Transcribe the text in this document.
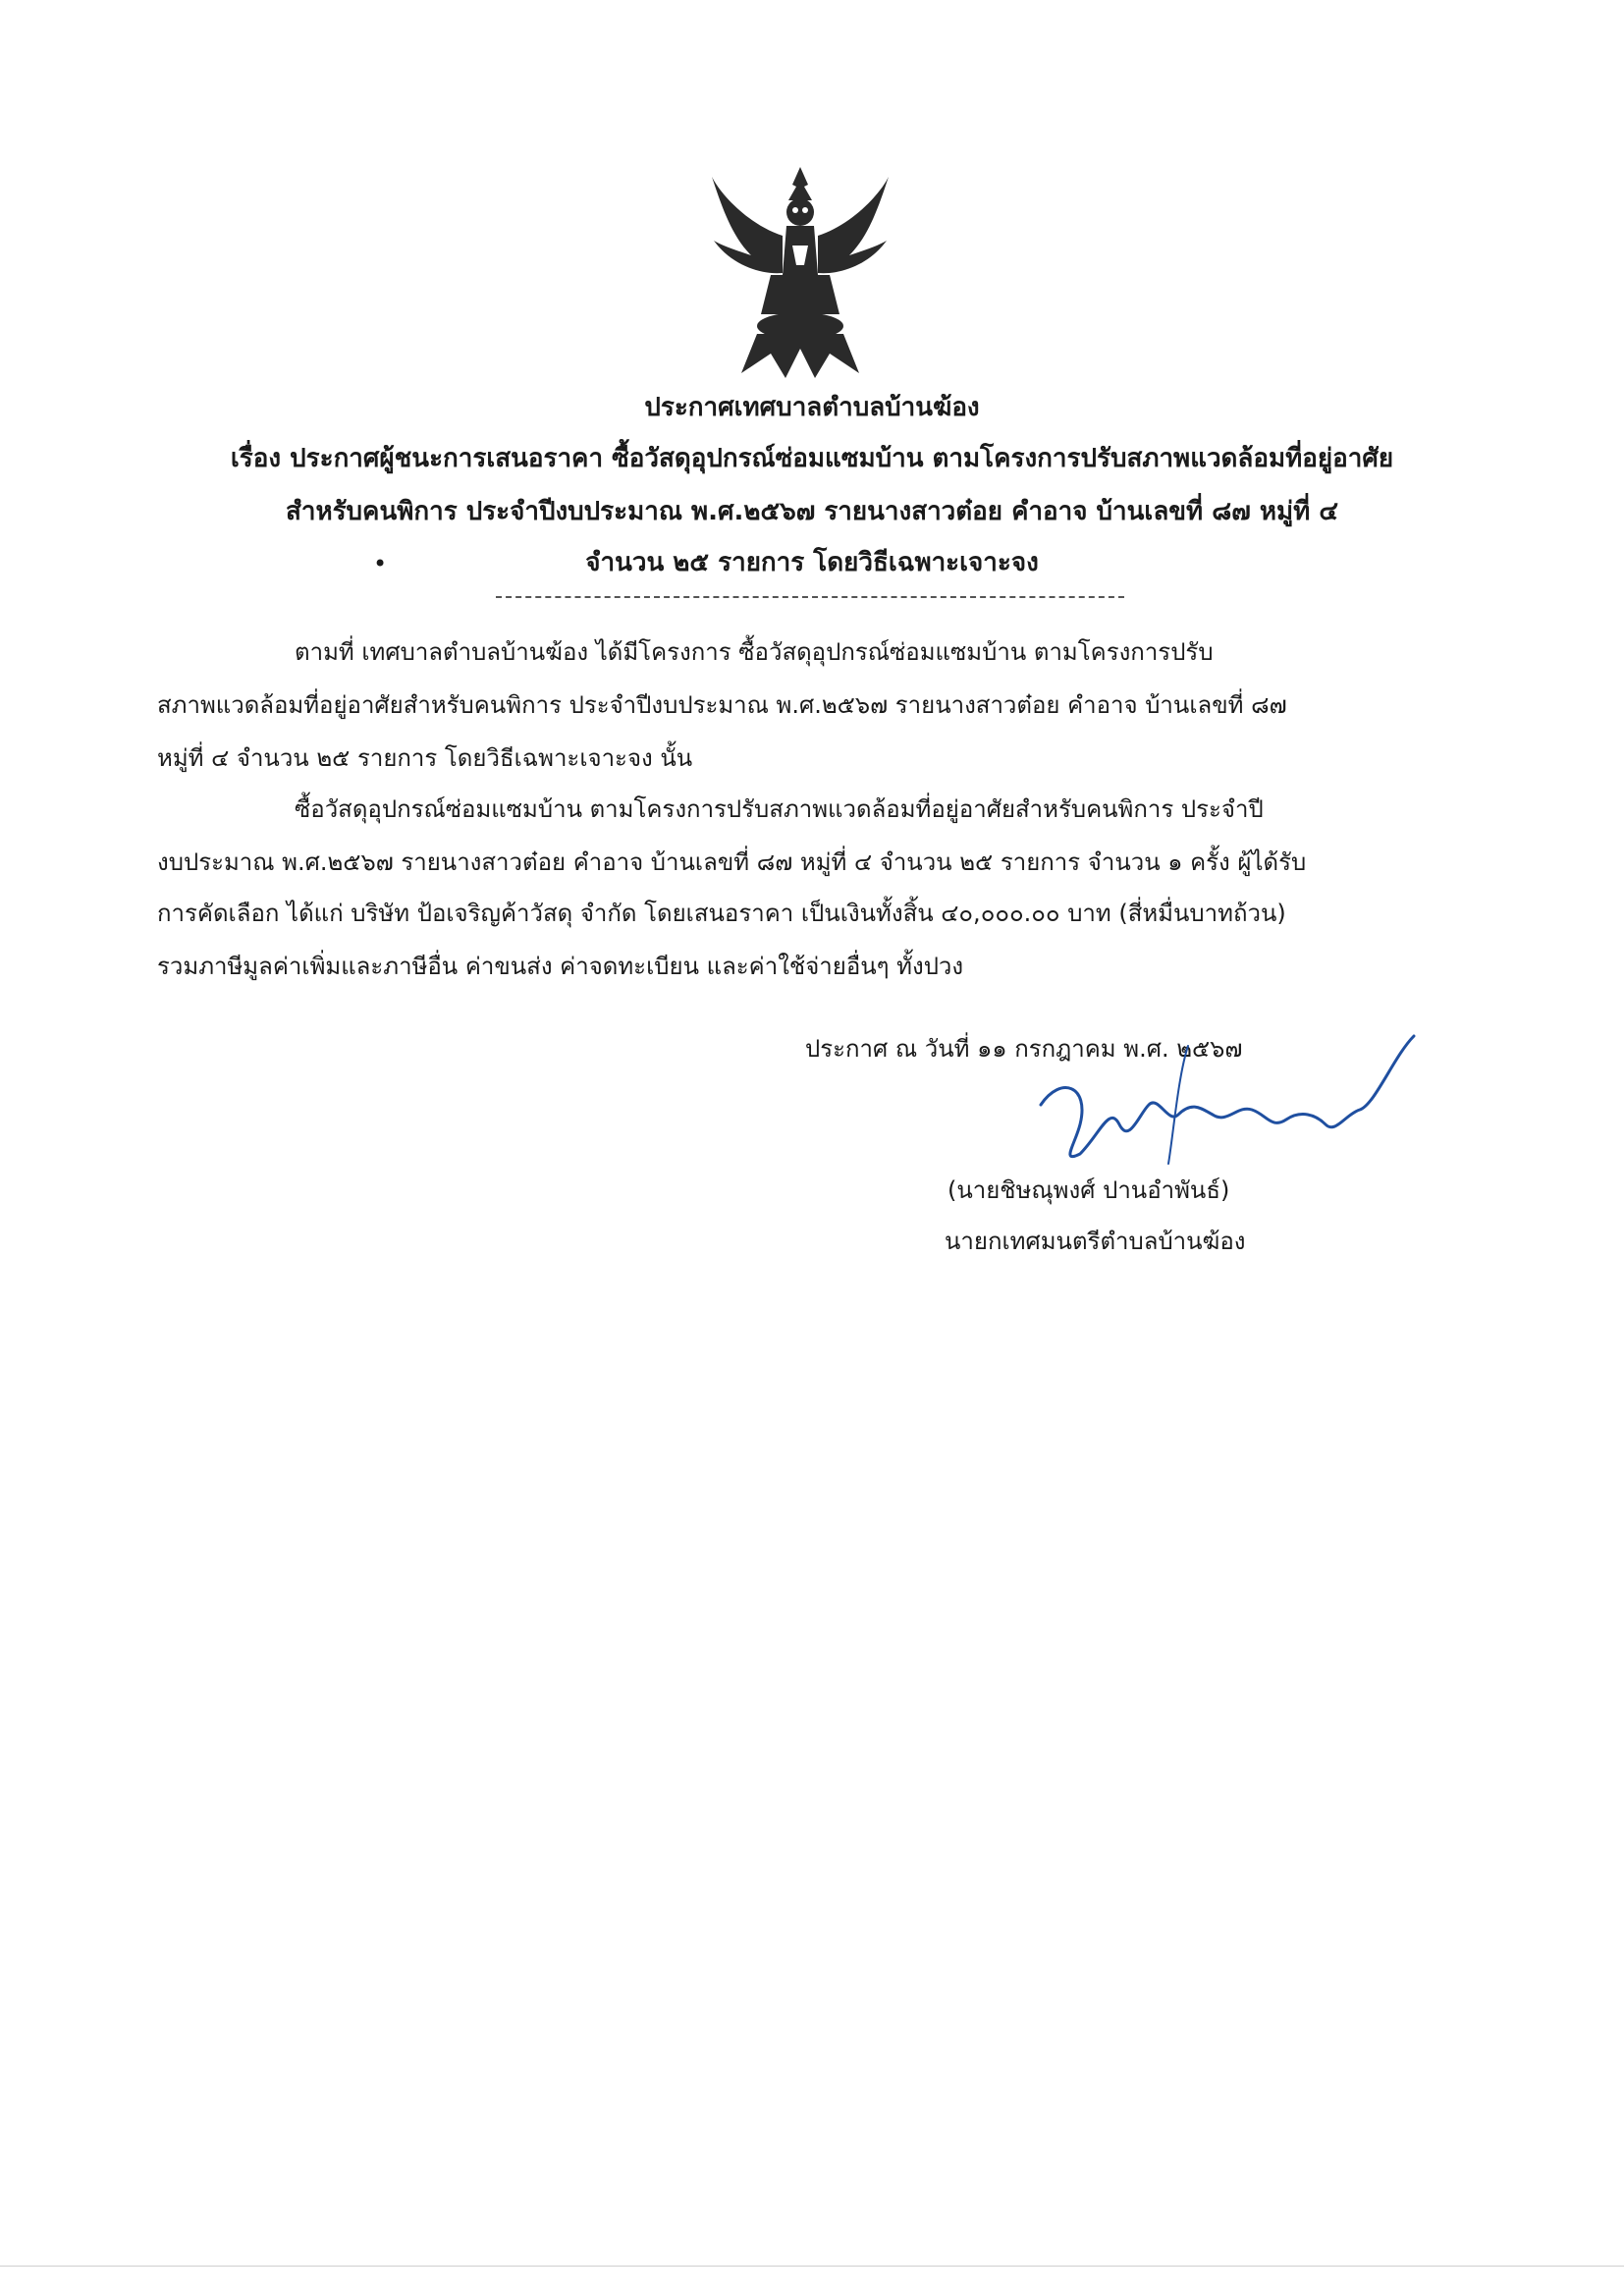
ประกาศเทศบาลตำบลบ้านฆ้อง
เรื่อง ประกาศผู้ชนะการเสนอราคา ซื้อวัสดุอุปกรณ์ซ่อมแซมบ้าน ตามโครงการปรับสภาพแวดล้อมที่อยู่อาศัย
สำหรับคนพิการ ประจำปีงบประมาณ พ.ศ.๒๕๖๗ รายนางสาวต๋อย คำอาจ บ้านเลขที่ ๘๗ หมู่ที่ ๔
จำนวน ๒๕ รายการ โดยวิธีเฉพาะเจาะจง
•
ตามที่ เทศบาลตำบลบ้านฆ้อง ได้มีโครงการ ซื้อวัสดุอุปกรณ์ซ่อมแซมบ้าน ตามโครงการปรับ
สภาพแวดล้อมที่อยู่อาศัยสำหรับคนพิการ ประจำปีงบประมาณ พ.ศ.๒๕๖๗ รายนางสาวต๋อย คำอาจ บ้านเลขที่ ๘๗
หมู่ที่ ๔ จำนวน ๒๕ รายการ โดยวิธีเฉพาะเจาะจง นั้น
ซื้อวัสดุอุปกรณ์ซ่อมแซมบ้าน ตามโครงการปรับสภาพแวดล้อมที่อยู่อาศัยสำหรับคนพิการ ประจำปี
งบประมาณ พ.ศ.๒๕๖๗ รายนางสาวต๋อย คำอาจ บ้านเลขที่ ๘๗ หมู่ที่ ๔ จำนวน ๒๕ รายการ จำนวน ๑ ครั้ง ผู้ได้รับ
การคัดเลือก ได้แก่ บริษัท ป้อเจริญค้าวัสดุ จำกัด โดยเสนอราคา เป็นเงินทั้งสิ้น ๔๐,๐๐๐.๐๐ บาท (สี่หมื่นบาทถ้วน)
รวมภาษีมูลค่าเพิ่มและภาษีอื่น ค่าขนส่ง ค่าจดทะเบียน และค่าใช้จ่ายอื่นๆ ทั้งปวง
ประกาศ ณ วันที่ ๑๑ กรกฎาคม พ.ศ. ๒๕๖๗
(นายชิษณุพงศ์ ปานอำพันธ์)
นายกเทศมนตรีตำบลบ้านฆ้อง
